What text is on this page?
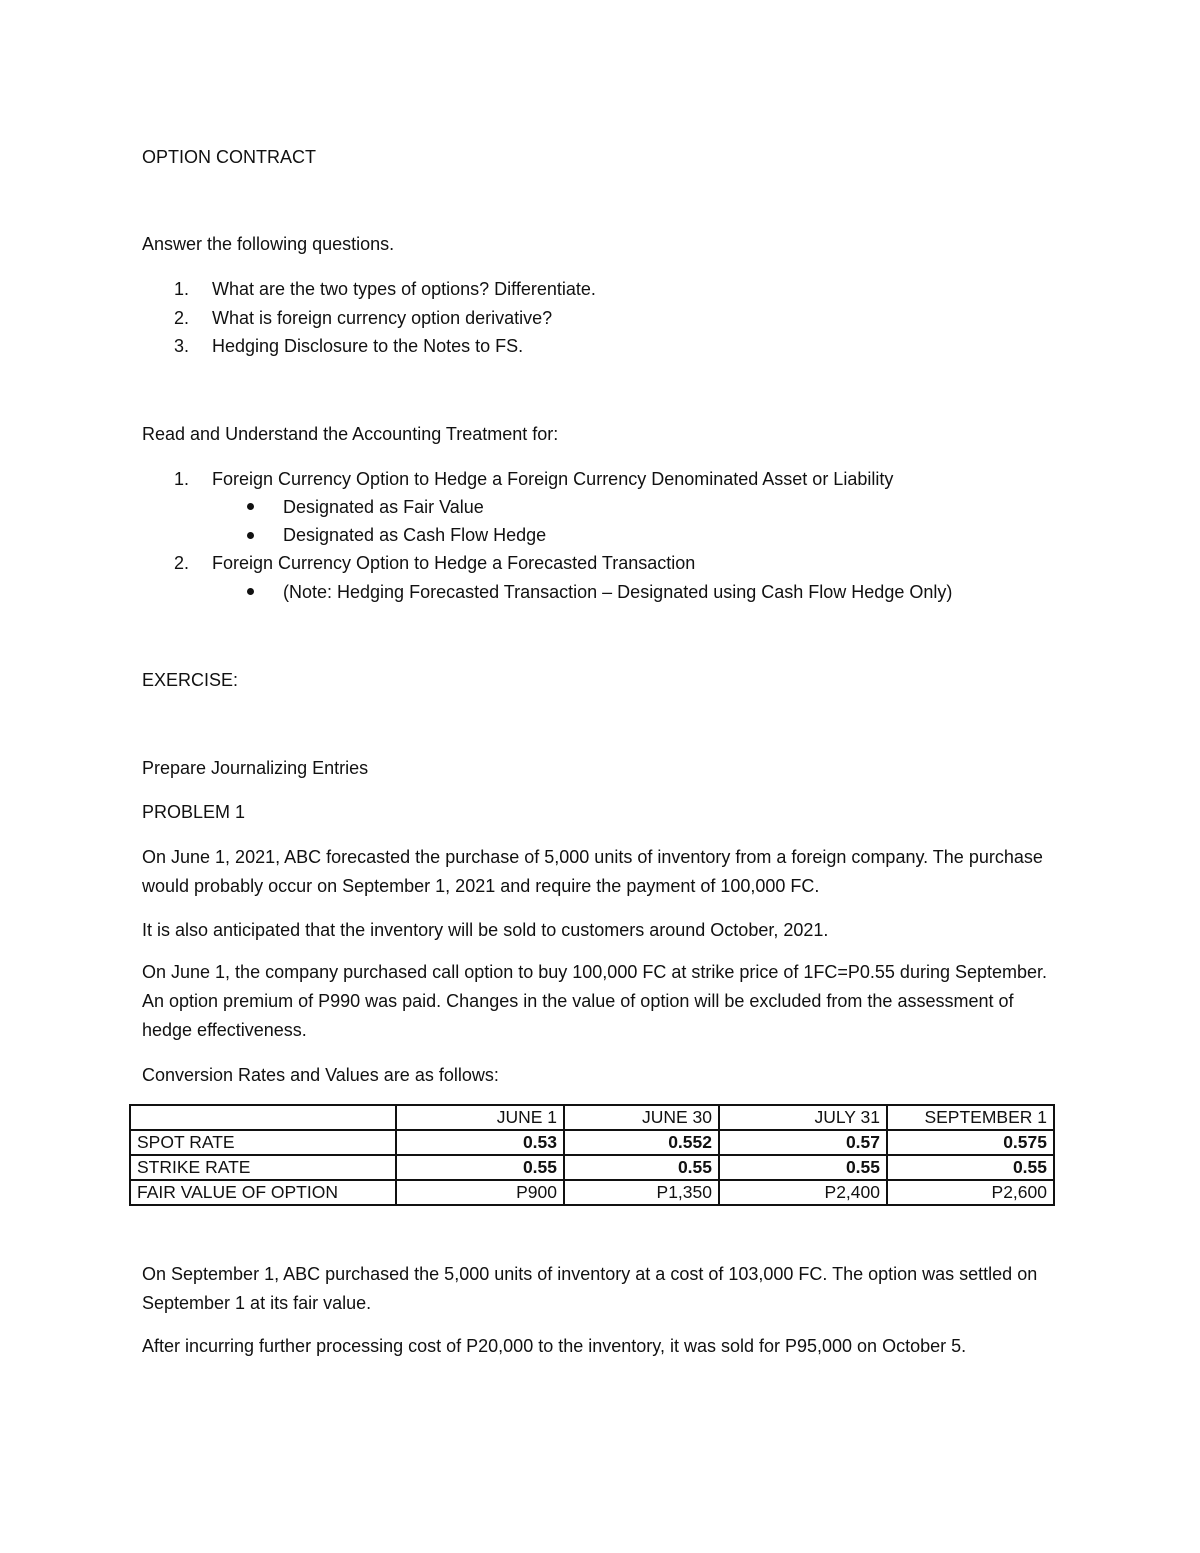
OPTION CONTRACT
Answer the following questions.
1. What are the two types of options? Differentiate.
2. What is foreign currency option derivative?
3. Hedging Disclosure to the Notes to FS.
Read and Understand the Accounting Treatment for:
1. Foreign Currency Option to Hedge a Foreign Currency Denominated Asset or Liability
Designated as Fair Value
Designated as Cash Flow Hedge
2. Foreign Currency Option to Hedge a Forecasted Transaction
(Note: Hedging Forecasted Transaction – Designated using Cash Flow Hedge Only)
EXERCISE:
Prepare Journalizing Entries
PROBLEM 1
On June 1, 2021, ABC forecasted the purchase of 5,000 units of inventory from a foreign company. The purchase would probably occur on September 1, 2021 and require the payment of 100,000 FC.
It is also anticipated that the inventory will be sold to customers around October, 2021.
On June 1, the company purchased call option to buy 100,000 FC at strike price of 1FC=P0.55 during September. An option premium of P990 was paid. Changes in the value of option will be excluded from the assessment of hedge effectiveness.
Conversion Rates and Values are as follows:
	JUNE 1	JUNE 30	JULY 31	SEPTEMBER 1
SPOT RATE	0.53	0.552	0.57	0.575
STRIKE RATE	0.55	0.55	0.55	0.55
FAIR VALUE OF OPTION	P900	P1,350	P2,400	P2,600
On September 1, ABC purchased the 5,000 units of inventory at a cost of 103,000 FC. The option was settled on September 1 at its fair value.
After incurring further processing cost of P20,000 to the inventory, it was sold for P95,000 on October 5.
